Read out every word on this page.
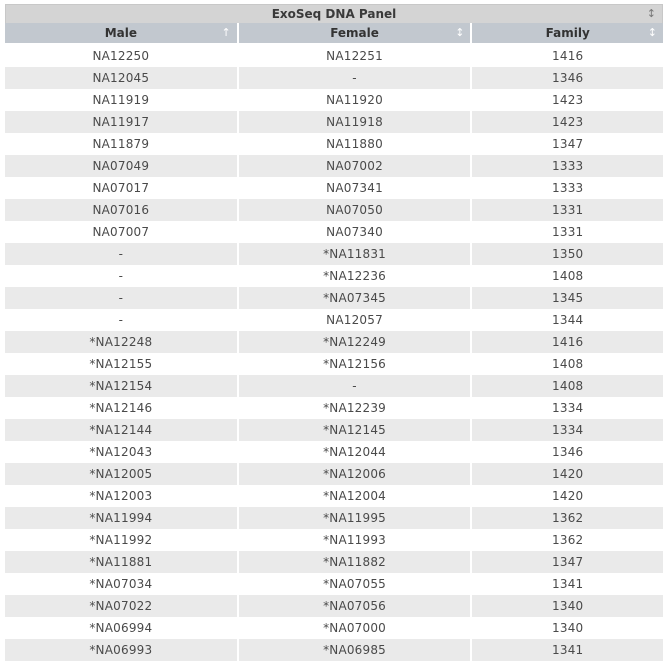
ExoSeq DNA Panel	↕
Male ↑	Female ↕	Family ↕

NA12250	NA12251	1416
NA12045	-	1346
NA11919	NA11920	1423
NA11917	NA11918	1423
NA11879	NA11880	1347
NA07049	NA07002	1333
NA07017	NA07341	1333
NA07016	NA07050	1331
NA07007	NA07340	1331
-	*NA11831	1350
-	*NA12236	1408
-	*NA07345	1345
-	NA12057	1344
*NA12248	*NA12249	1416
*NA12155	*NA12156	1408
*NA12154	-	1408
*NA12146	*NA12239	1334
*NA12144	*NA12145	1334
*NA12043	*NA12044	1346
*NA12005	*NA12006	1420
*NA12003	*NA12004	1420
*NA11994	*NA11995	1362
*NA11992	*NA11993	1362
*NA11881	*NA11882	1347
*NA07034	*NA07055	1341
*NA07022	*NA07056	1340
*NA06994	*NA07000	1340
*NA06993	*NA06985	1341
